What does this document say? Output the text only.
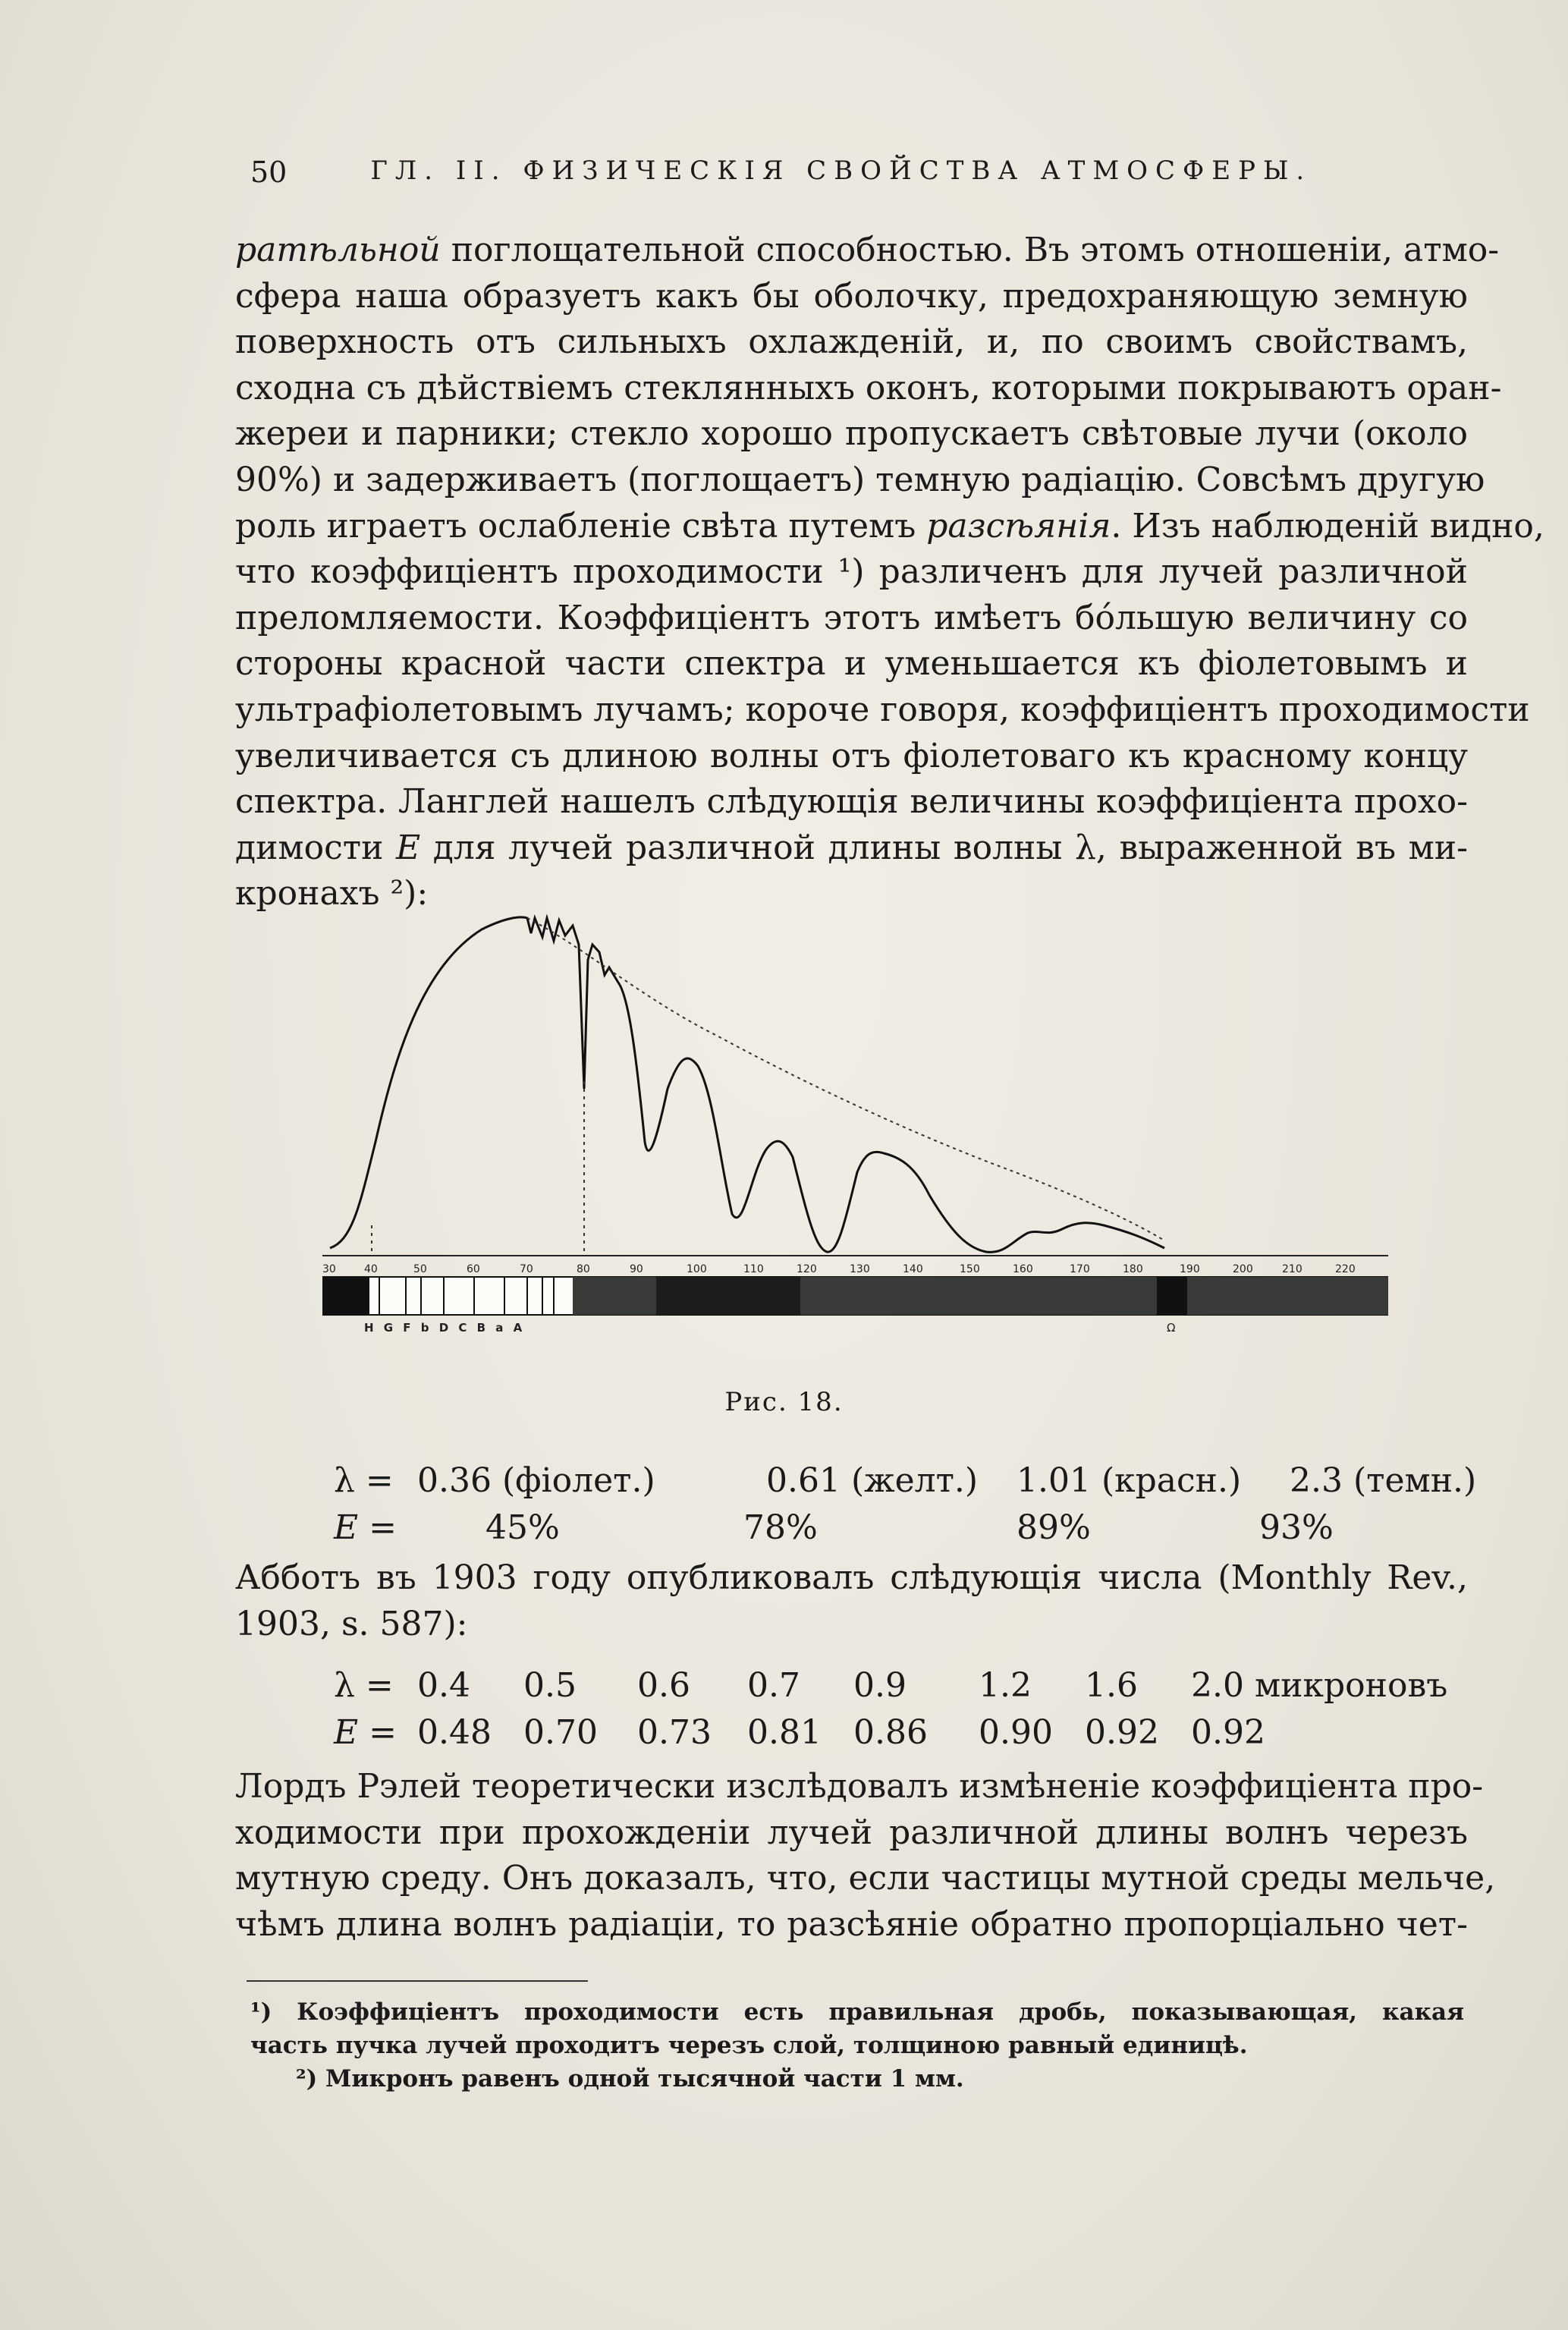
50	ГЛ. II. ФИЗИЧЕСКІЯ СВОЙСТВА АТМОСФЕРЫ.
ратѣльной поглощательной способностью. Въ этомъ отношеніи, атмо-
сфера наша образуетъ какъ бы оболочку, предохраняющую земную
поверхность отъ сильныхъ охлажденій, и, по своимъ свойствамъ,
сходна съ дѣйствіемъ стеклянныхъ оконъ, которыми покрываютъ оран-
жереи и парники; стекло хорошо пропускаетъ свѣтовые лучи (около
90%) и задерживаетъ (поглощаетъ) темную радіацію. Совсѣмъ другую
роль играетъ ослабленіе свѣта путемъ разсѣянія. Изъ наблюденій видно,
что коэффиціентъ проходимости ¹) различенъ для лучей различной
преломляемости. Коэффиціентъ этотъ имѣетъ бóльшую величину со
стороны красной части спектра и уменьшается къ фіолетовымъ и
ультрафіолетовымъ лучамъ; короче говоря, коэффиціентъ проходимости
увеличивается съ длиною волны отъ фіолетоваго къ красному концу
спектра. Ланглей нашелъ слѣдующія величины коэффиціента прохо-
димости E для лучей различной длины волны λ, выраженной въ ми-
кронахъ ²):
30	40	50	60	70	80	90	100	110	120	130	140	150	160	170	180	190	200	210	220
H G F b D C B a A	Ω
Рис. 18.
λ = 0.36 (фіолет.)	0.61 (желт.)	1.01 (красн.)	2.3 (темн.)
E =	45%	78%	89%	93%
Абботъ въ 1903 году опубликовалъ слѣдующія числа (Monthly Rev.,
1903, s. 587):
λ = 0.4	0.5	0.6	0.7	0.9	1.2	1.6	2.0 микроновъ
E = 0.48 0.70	0.73	0.81 0.86	0.90 0.92 0.92
Лордъ Рэлей теоретически изслѣдовалъ измѣненіе коэффиціента про-
ходимости при прохожденіи лучей различной длины волнъ черезъ
мутную среду. Онъ доказалъ, что, если частицы мутной среды мельче,
чѣмъ длина волнъ радіаціи, то разсѣяніе обратно пропорціально чет-
¹) Коэффиціентъ проходимости есть правильная дробь, показывающая, какая
часть пучка лучей проходитъ черезъ слой, толщиною равный единицѣ.
²) Микронъ равенъ одной тысячной части 1 мм.
